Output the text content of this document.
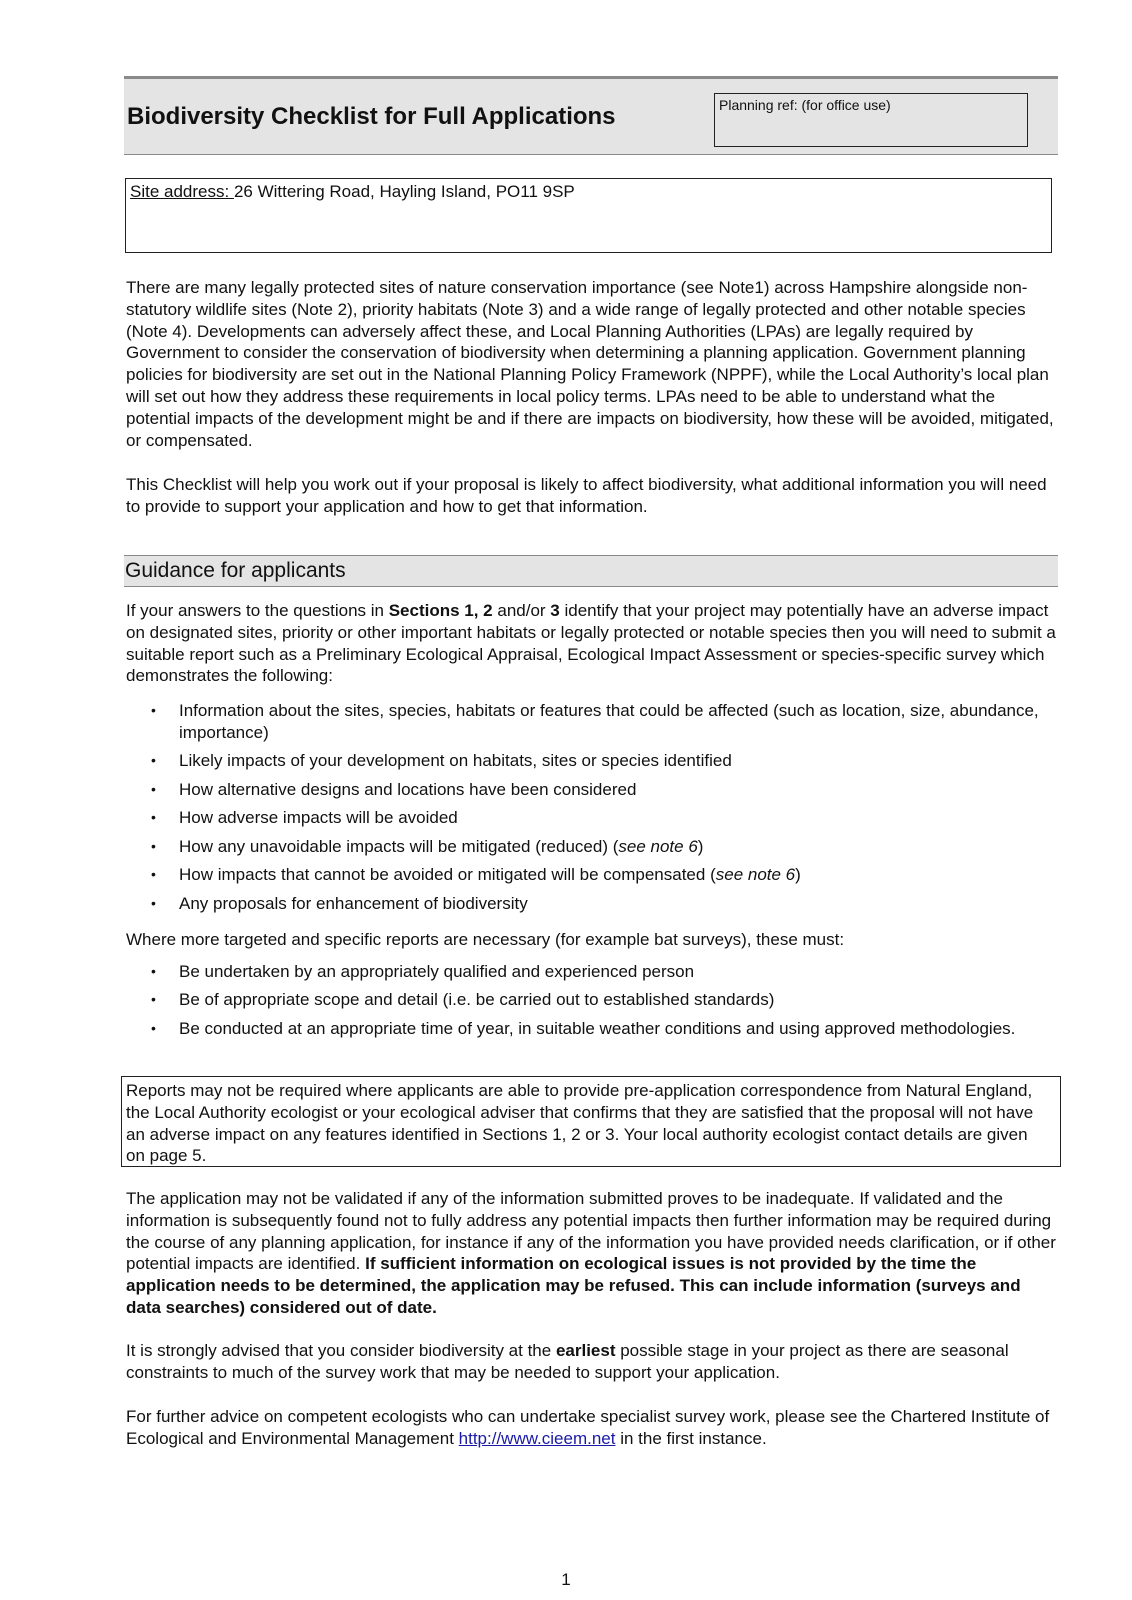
Biodiversity Checklist for Full Applications	Planning ref: (for office use)
Site address: 26 Wittering Road, Hayling Island, PO11 9SP

There are many legally protected sites of nature conservation importance (see Note1) across Hampshire alongside non-statutory wildlife sites (Note 2), priority habitats (Note 3) and a wide range of legally protected and other notable species (Note 4). Developments can adversely affect these, and Local Planning Authorities (LPAs) are legally required by Government to consider the conservation of biodiversity when determining a planning application. Government planning policies for biodiversity are set out in the National Planning Policy Framework (NPPF), while the Local Authority’s local plan will set out how they address these requirements in local policy terms. LPAs need to be able to understand what the potential impacts of the development might be and if there are impacts on biodiversity, how these will be avoided, mitigated, or compensated.

This Checklist will help you work out if your proposal is likely to affect biodiversity, what additional information you will need to provide to support your application and how to get that information.

Guidance for applicants

If your answers to the questions in Sections 1, 2 and/or 3 identify that your project may potentially have an adverse impact on designated sites, priority or other important habitats or legally protected or notable species then you will need to submit a suitable report such as a Preliminary Ecological Appraisal, Ecological Impact Assessment or species-specific survey which demonstrates the following:

• Information about the sites, species, habitats or features that could be affected (such as location, size, abundance, importance)
• Likely impacts of your development on habitats, sites or species identified
• How alternative designs and locations have been considered
• How adverse impacts will be avoided
• How any unavoidable impacts will be mitigated (reduced) (see note 6)
• How impacts that cannot be avoided or mitigated will be compensated (see note 6)
• Any proposals for enhancement of biodiversity

Where more targeted and specific reports are necessary (for example bat surveys), these must:

• Be undertaken by an appropriately qualified and experienced person
• Be of appropriate scope and detail (i.e. be carried out to established standards)
• Be conducted at an appropriate time of year, in suitable weather conditions and using approved methodologies.

Reports may not be required where applicants are able to provide pre-application correspondence from Natural England, the Local Authority ecologist or your ecological adviser that confirms that they are satisfied that the proposal will not have an adverse impact on any features identified in Sections 1, 2 or 3. Your local authority ecologist contact details are given on page 5.

The application may not be validated if any of the information submitted proves to be inadequate. If validated and the information is subsequently found not to fully address any potential impacts then further information may be required during the course of any planning application, for instance if any of the information you have provided needs clarification, or if other potential impacts are identified. If sufficient information on ecological issues is not provided by the time the application needs to be determined, the application may be refused. This can include information (surveys and data searches) considered out of date.

It is strongly advised that you consider biodiversity at the earliest possible stage in your project as there are seasonal constraints to much of the survey work that may be needed to support your application.

For further advice on competent ecologists who can undertake specialist survey work, please see the Chartered Institute of Ecological and Environmental Management http://www.cieem.net in the first instance.

1
